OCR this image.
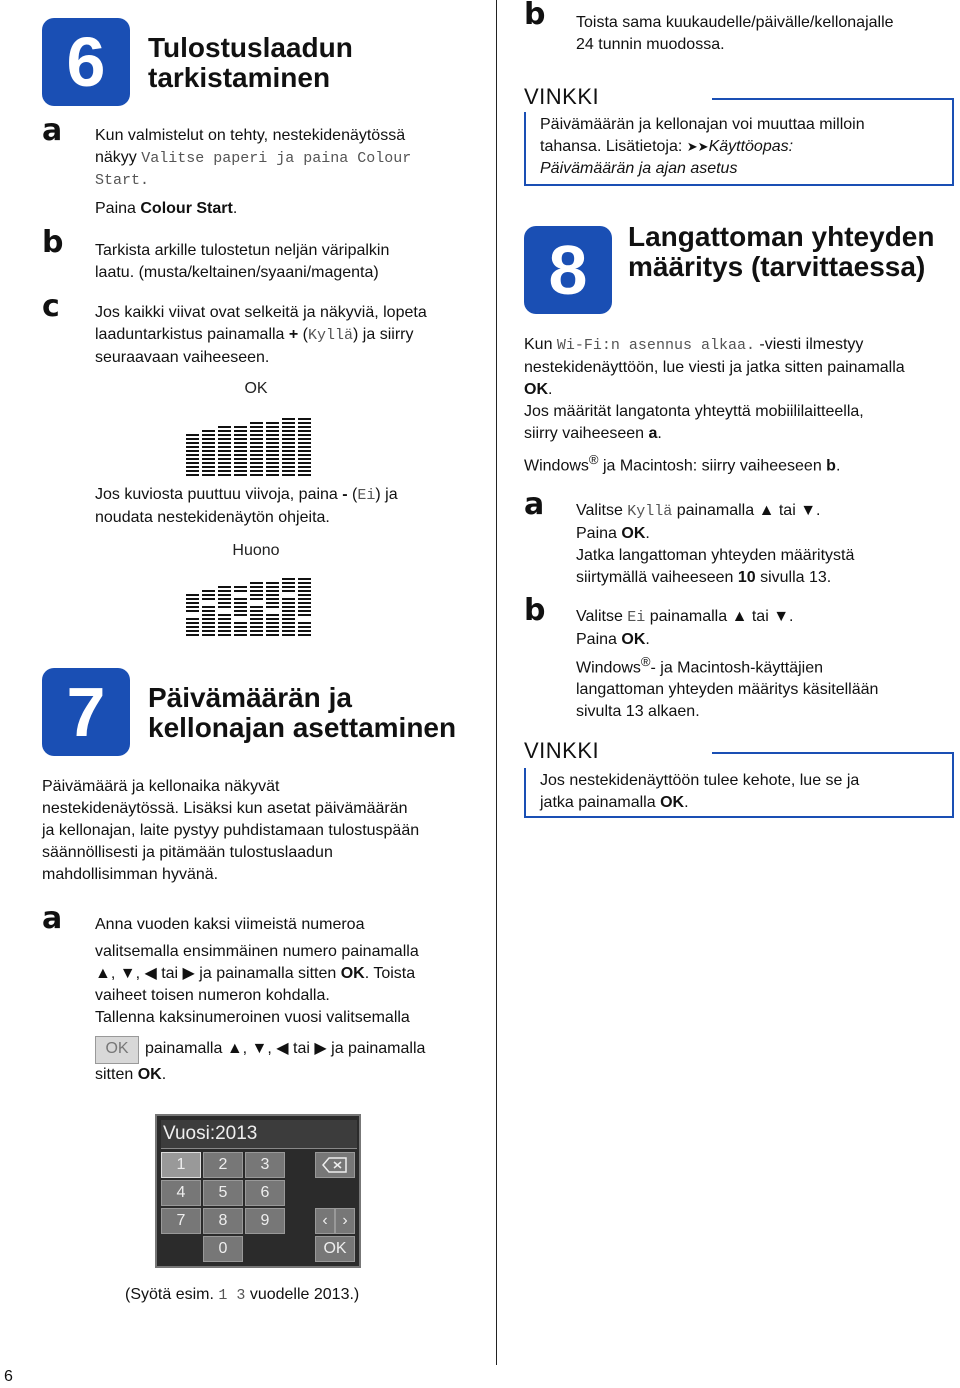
6	Tulostuslaadun tarkistaminen
a Kun valmistelut on tehty, nestekidenäytössä
näkyy Valitse paperi ja paina Colour
Start.
Paina Colour Start.
b Tarkista arkille tulostetun neljän väripalkin
laatu. (musta/keltainen/syaani/magenta)
c Jos kaikki viivat ovat selkeitä ja näkyviä, lopeta
laaduntarkistus painamalla + (Kyllä) ja siirry
seuraavaan vaiheeseen.
OK
Jos kuviosta puuttuu viivoja, paina - (Ei) ja
noudata nestekidenäytön ohjeita.
Huono
7	Päivämäärän ja kellonajan asettaminen
Päivämäärä ja kellonaika näkyvät
nestekidenäytössä. Lisäksi kun asetat päivämäärän
ja kellonajan, laite pystyy puhdistamaan tulostuspään
säännöllisesti ja pitämään tulostuslaadun
mahdollisimman hyvänä.
a Anna vuoden kaksi viimeistä numeroa
valitsemalla ensimmäinen numero painamalla
▲, ▼, ◀ tai ▶ ja painamalla sitten OK. Toista
vaiheet toisen numeron kohdalla.
Tallenna kaksinumeroinen vuosi valitsemalla
OK	painamalla ▲, ▼, ◀ tai ▶ ja painamalla
sitten OK.
Vuosi:2013
1	2	3
4	5	6
7	8	9	‹ ›
0	OK
(Syötä esim. 1 3 vuodelle 2013.)
6
b Toista sama kuukaudelle/päivälle/kellonajalle
24 tunnin muodossa.
VINKKI
Päivämäärän ja kellonajan voi muuttaa milloin
tahansa. Lisätietoja: ➤➤Käyttöopas:
Päivämäärän ja ajan asetus
8	Langattoman yhteyden määritys (tarvittaessa)
Kun Wi-Fi:n asennus alkaa. -viesti ilmestyy
nestekidenäyttöön, lue viesti ja jatka sitten painamalla
OK.
Jos määrität langatonta yhteyttä mobiililaitteella,
siirry vaiheeseen a.
Windows® ja Macintosh: siirry vaiheeseen b.
a Valitse Kyllä painamalla ▲ tai ▼.
Paina OK.
Jatka langattoman yhteyden määritystä
siirtymällä vaiheeseen 10 sivulla 13.
b Valitse Ei painamalla ▲ tai ▼.
Paina OK.
Windows®- ja Macintosh-käyttäjien
langattoman yhteyden määritys käsitellään
sivulta 13 alkaen.
VINKKI
Jos nestekidenäyttöön tulee kehote, lue se ja
jatka painamalla OK.
